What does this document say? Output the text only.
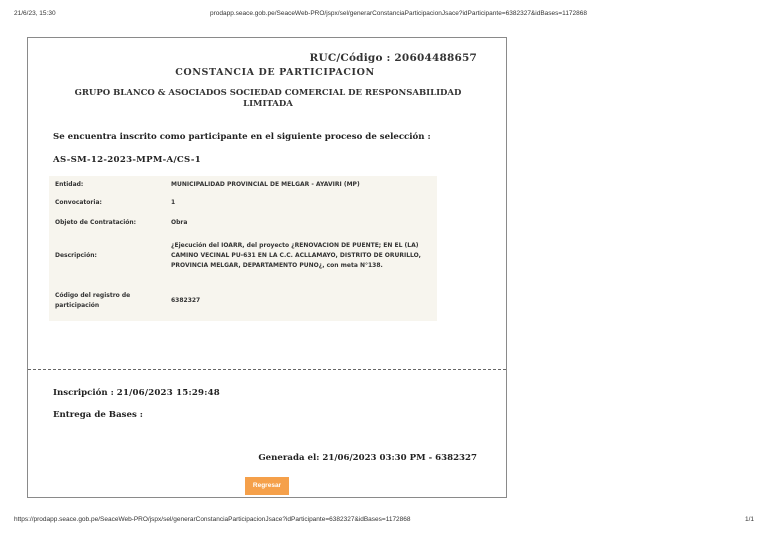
21/6/23, 15:30	prodapp.seace.gob.pe/SeaceWeb-PRO/jspx/sel/generarConstanciaParticipacionJsace?idParticipante=6382327&idBases=1172868
RUC/Código : 20604488657
CONSTANCIA DE PARTICIPACION
GRUPO BLANCO & ASOCIADOS SOCIEDAD COMERCIAL DE RESPONSABILIDAD
LIMITADA
Se encuentra inscrito como participante en el siguiente proceso de selección :
AS-SM-12-2023-MPM-A/CS-1
Entidad:	MUNICIPALIDAD PROVINCIAL DE MELGAR - AYAVIRI (MP)
Convocatoria:	1
Objeto de Contratación:	Obra
Descripción:	¿Ejecución del IOARR, del proyecto ¿RENOVACION DE PUENTE; EN EL (LA) CAMINO VECINAL PU-631 EN LA C.C. ACLLAMAYO, DISTRITO DE ORURILLO, PROVINCIA MELGAR, DEPARTAMENTO PUNO¿, con meta N°138.
Código del registro de participación	6382327
Inscripción : 21/06/2023 15:29:48
Entrega de Bases :
Generada el: 21/06/2023 03:30 PM - 6382327
Regresar
https://prodapp.seace.gob.pe/SeaceWeb-PRO/jspx/sel/generarConstanciaParticipacionJsace?idParticipante=6382327&idBases=1172868	1/1
